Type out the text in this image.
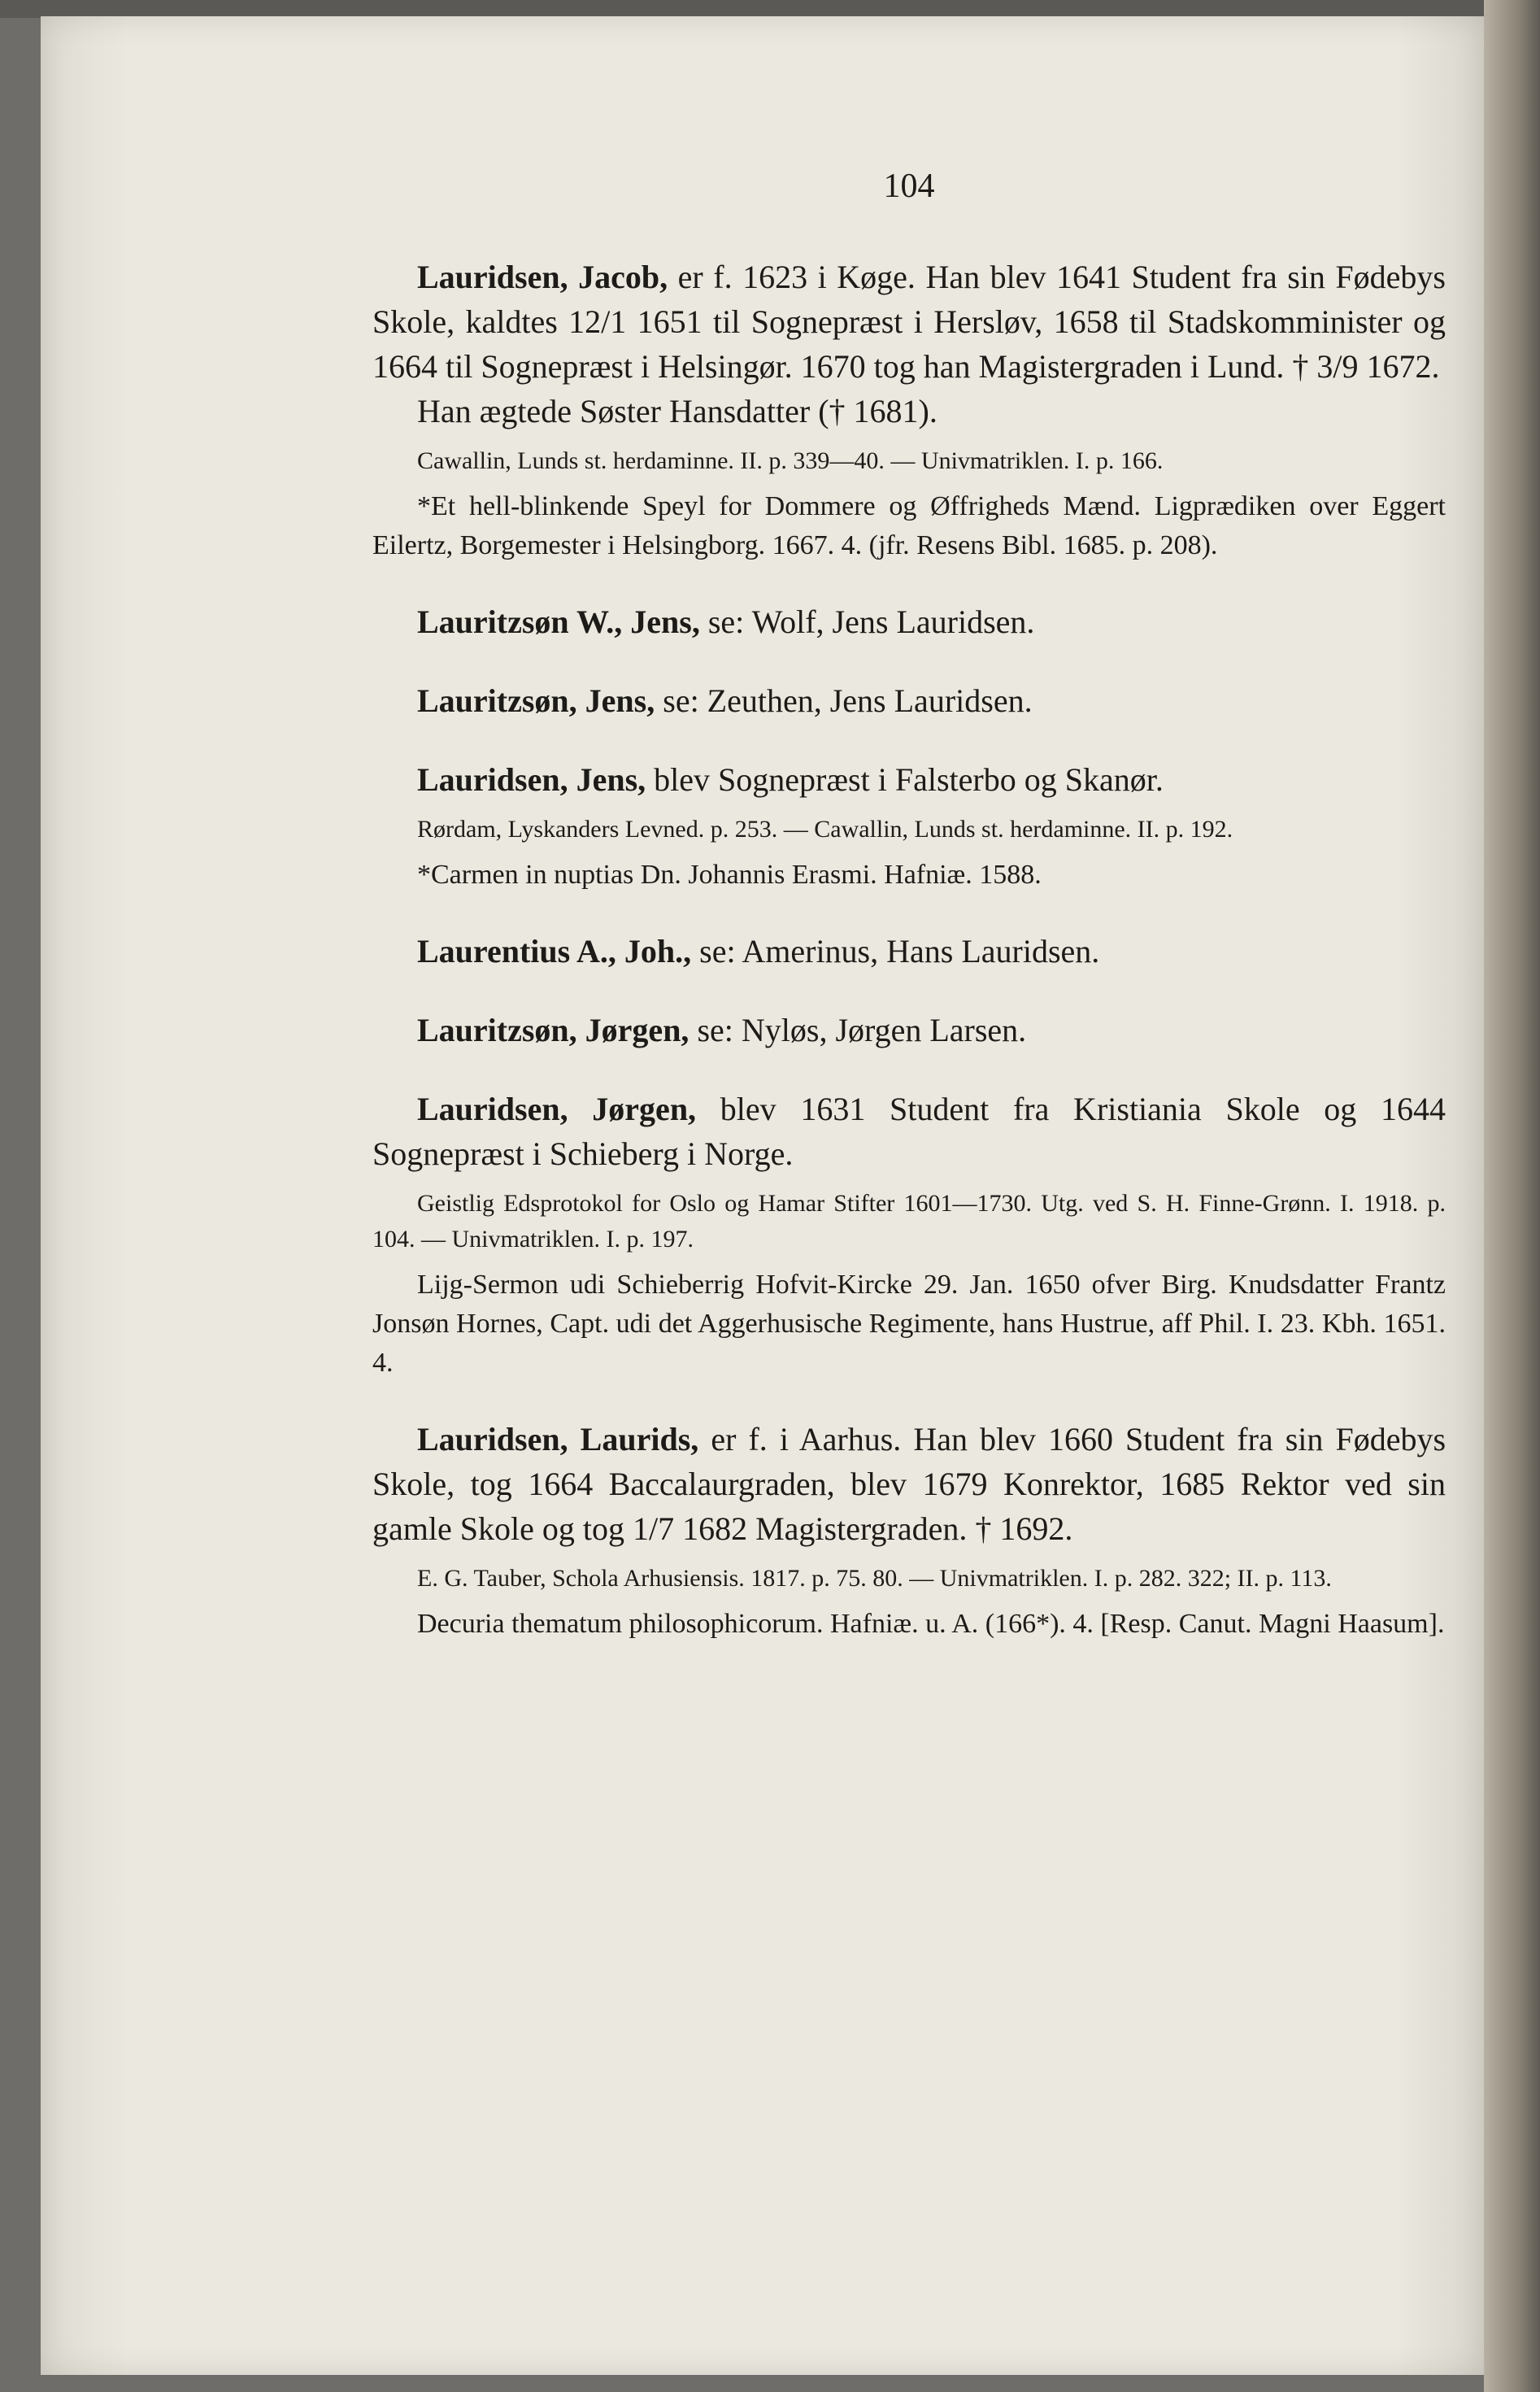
104

Lauridsen, Jacob, er f. 1623 i Køge. Han blev 1641 Student fra sin Fødebys Skole, kaldtes 12/1 1651 til Sognepræst i Hersløv, 1658 til Stadskomminister og 1664 til Sognepræst i Helsingør. 1670 tog han Magistergraden i Lund. † 3/9 1672.

Han ægtede Søster Hansdatter († 1681).

Cawallin, Lunds st. herdaminne. II. p. 339—40. — Univmatriklen. I. p. 166.

*Et hell-blinkende Speyl for Dommere og Øffrigheds Mænd. Ligprædiken over Eggert Eilertz, Borgemester i Helsingborg. 1667. 4. (jfr. Resens Bibl. 1685. p. 208).

Lauritzsøn W., Jens, se: Wolf, Jens Lauridsen.

Lauritzsøn, Jens, se: Zeuthen, Jens Lauridsen.

Lauridsen, Jens, blev Sognepræst i Falsterbo og Skanør.

Rørdam, Lyskanders Levned. p. 253. — Cawallin, Lunds st. herdaminne. II. p. 192.

*Carmen in nuptias Dn. Johannis Erasmi. Hafniæ. 1588.

Laurentius A., Joh., se: Amerinus, Hans Lauridsen.

Lauritzsøn, Jørgen, se: Nyløs, Jørgen Larsen.

Lauridsen, Jørgen, blev 1631 Student fra Kristiania Skole og 1644 Sognepræst i Schieberg i Norge.

Geistlig Edsprotokol for Oslo og Hamar Stifter 1601—1730. Utg. ved S. H. Finne-Grønn. I. 1918. p. 104. — Univmatriklen. I. p. 197.

Lijg-Sermon udi Schieberrig Hofvit-Kircke 29. Jan. 1650 ofver Birg. Knudsdatter Frantz Jonsøn Hornes, Capt. udi det Aggerhusische Regimente, hans Hustrue, aff Phil. I. 23. Kbh. 1651. 4.

Lauridsen, Laurids, er f. i Aarhus. Han blev 1660 Student fra sin Fødebys Skole, tog 1664 Baccalaurgraden, blev 1679 Konrektor, 1685 Rektor ved sin gamle Skole og tog 1/7 1682 Magistergraden. † 1692.

E. G. Tauber, Schola Arhusiensis. 1817. p. 75. 80. — Univmatriklen. I. p. 282. 322; II. p. 113.

Decuria thematum philosophicorum. Hafniæ. u. A. (166*). 4. [Resp. Canut. Magni Haasum].
